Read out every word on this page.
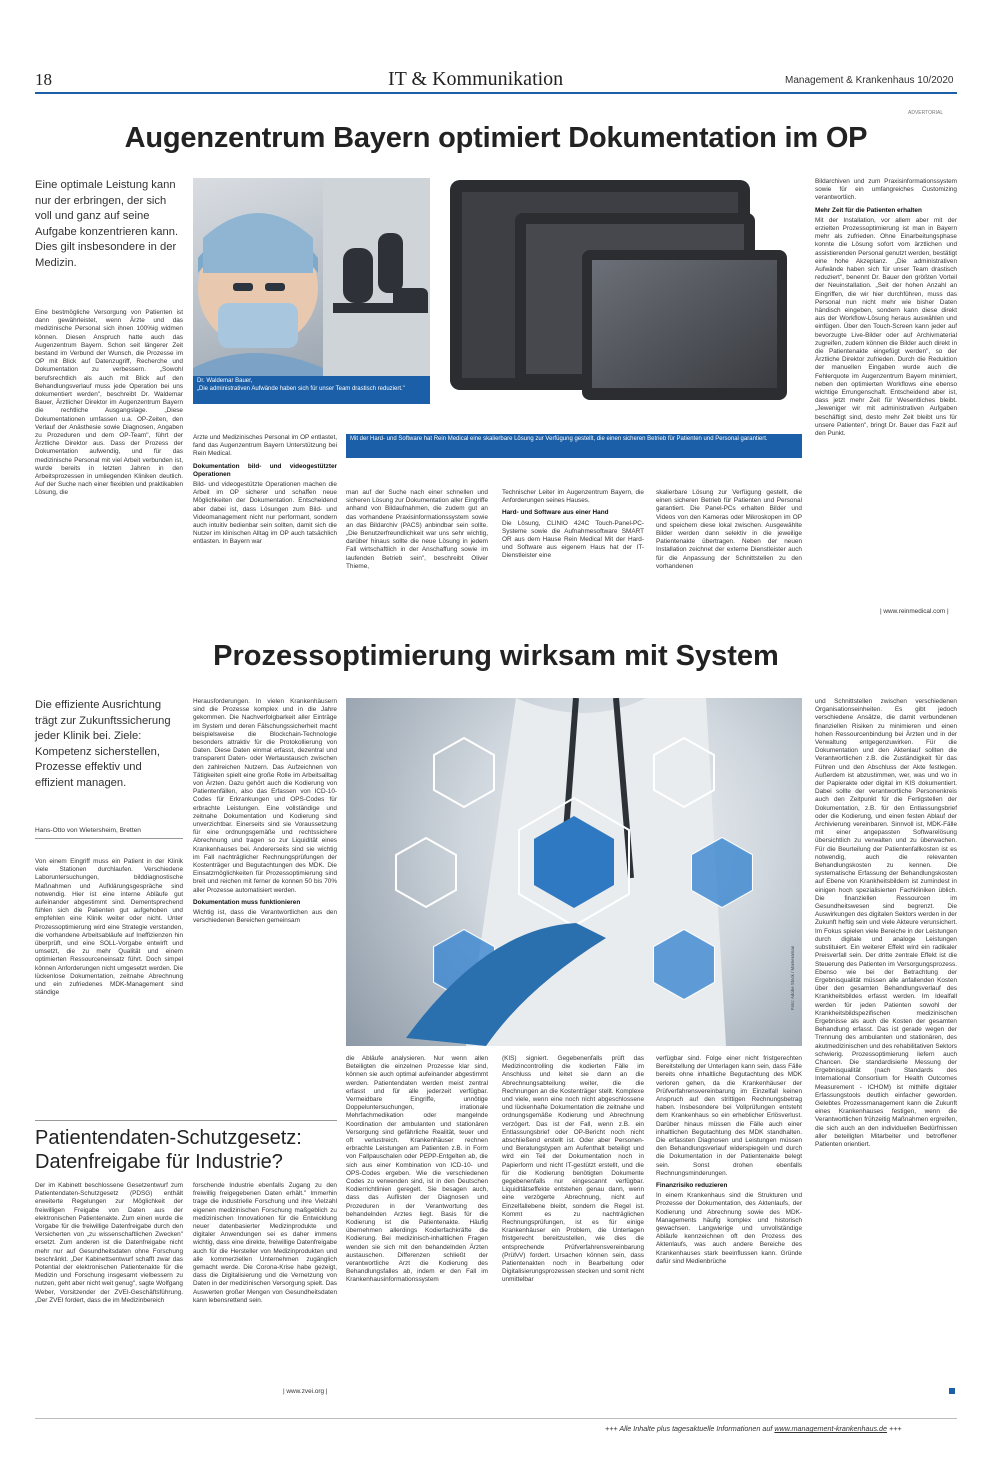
18	IT & Kommunikation	Management & Krankenhaus 10/2020
ADVERTORIAL
Augenzentrum Bayern optimiert Dokumentation im OP
Eine optimale Leistung kann nur der erbringen, der sich voll und ganz auf seine Aufgabe konzentrieren kann. Dies gilt insbesondere in der Medizin.
Dr. Waldemar Bauer,
„Die administrativen Aufwände haben sich für unser Team drastisch reduziert."
Mit der Hard- und Software hat Rein Medical eine skalierbare Lösung zur Verfügung gestellt, die einen sicheren Betrieb für Patienten und Personal garantiert.
Eine bestmögliche Versorgung von Patienten ist dann gewährleistet, wenn Ärzte und das medizinische Personal sich ihnen 100%ig widmen können. Diesen Anspruch hatte auch das Augenzentrum Bayern. Schon seit längerer Zeit bestand im Verbund der Wunsch, die Prozesse im OP mit Blick auf Datenzugriff, Recherche und Dokumentation zu verbessern. „Sowohl berufsrechtlich als auch mit Blick auf den Behandlungsverlauf muss jede Operation bei uns dokumentiert werden", beschreibt Dr. Waldemar Bauer, Ärztlicher Direktor im Augenzentrum Bayern die rechtliche Ausgangslage. „Diese Dokumentationen umfassen u.a. OP-Zeiten, den Verlauf der Anästhesie sowie Diagnosen, Angaben zu Prozeduren und dem OP-Team", führt der Ärztliche Direktor aus. Dass der Prozess der Dokumentation aufwendig, und für das medizinische Personal mit viel Arbeit verbunden ist, wurde bereits in letzten Jahren in den Arbeitsprozessen in umliegenden Kliniken deutlich. Auf der Suche nach einer flexiblen und praktikablen Lösung, die

Ärzte und Medizinisches Personal im OP entlastet, fand das Augenzentrum Bayern Unterstützung bei Rein Medical.

Dokumentation bild- und videogestützter Operationen

Bild- und videogestützte Operationen machen die Arbeit im OP sicherer und schaffen neue Möglichkeiten der Dokumentation. Entscheidend aber dabei ist, dass Lösungen zum Bild- und Videomanagement nicht nur performant, sondern auch intuitiv bedienbar sein sollten, damit sich die Nutzer im klinischen Alltag im OP auch tatsächlich entlasten. In Bayern war

man auf der Suche nach einer schnellen und sicheren Lösung zur Dokumentation aller Eingriffe anhand von Bildaufnahmen, die zudem gut an das vorhandene Praxisinformationssystem sowie an das Bildarchiv (PACS) anbindbar sein sollte. „Die Benutzerfreundlichkeit war uns sehr wichtig, darüber hinaus sollte die neue Lösung in jedem Fall wirtschaftlich in der Anschaffung sowie im laufenden Betrieb sein", beschreibt Oliver Thieme,

Technischer Leiter im Augenzentrum Bayern, die Anforderungen seines Hauses.

Hard- und Software aus einer Hand

Die Lösung, CLINIO 424C Touch-Panel-PC-Systeme sowie die Aufnahmesoftware SMART OR aus dem Hause Rein Medical Mit der Hard- und Software aus eigenem Haus hat der IT-Dienstleister eine

skalierbare Lösung zur Verfügung gestellt, die einen sicheren Betrieb für Patienten und Personal garantiert. Die Panel-PCs erhalten Bilder und Videos von den Kameras oder Mikroskopen im OP und speichern diese lokal zwischen. Ausgewählte Bilder werden dann selektiv in die jeweilige Patientenakte übertragen. Neben der neuen Installation zeichnet der externe Dienstleister auch für die Anpassung der Schnittstellen zu den vorhandenen

Bildarchiven und zum Praxisinformationssystem sowie für ein umfangreiches Customizing verantwortlich.

Mehr Zeit für die Patienten erhalten

Mit der Installation, vor allem aber mit der erzielten Prozessoptimierung ist man in Bayern mehr als zufrieden. Ohne Einarbeitungsphase konnte die Lösung sofort vom ärztlichen und assistierenden Personal genutzt werden, bestätigt eine hohe Akzeptanz. „Die administrativen Aufwände haben sich für unser Team drastisch reduziert", benennt Dr. Bauer den größten Vorteil der Neuinstallation. „Seit der hohen Anzahl an Eingriffen, die wir hier durchführen, muss das Personal nun nicht mehr wie bisher Daten händisch eingeben, sondern kann diese direkt aus der Workflow-Lösung heraus auswählen und einfügen. Über den Touch-Screen kann jeder auf bevorzugte Live-Bilder oder auf Archivmaterial zugreifen, zudem können die Bilder auch direkt in die Patientenakte eingefügt werden", so der Ärztliche Direktor zufrieden. Durch die Reduktion der manuellen Eingaben wurde auch die Fehlerquote im Augenzentrum Bayern minimiert, neben den optimierten Workflows eine ebenso wichtige Errungenschaft. Entscheidend aber ist, dass jetzt mehr Zeit für Wesentliches bleibt. „Jeweniger wir mit administrativen Aufgaben beschäftigt sind, desto mehr Zeit bleibt uns für unsere Patienten", bringt Dr. Bauer das Fazit auf den Punkt.

| www.reinmedical.com |
Prozessoptimierung wirksam mit System
Die effiziente Ausrichtung trägt zur Zukunftssicherung jeder Klinik bei. Ziele: Kompetenz sicherstellen, Prozesse effektiv und effizient managen.
Hans-Otto von Wietersheim, Bretten
Foto: Adobe Stock / Mameraman
Von einem Eingriff muss ein Patient in der Klinik viele Stationen durchlaufen. Verschiedene Laboruntersuchungen, bilddiagnostische Maßnahmen und Aufklärungsgespräche sind notwendig. Hier ist eine interne Abläufe gut aufeinander abgestimmt sind. Dementsprechend fühlen sich die Patienten gut aufgehoben und empfehlen eine Klinik weiter oder nicht. Unter Prozessoptimierung wird eine Strategie verstanden, die vorhandene Arbeitsabläufe auf Ineffizienzen hin überprüft, und eine SOLL-Vorgabe entwirft und umsetzt, die zu mehr Qualität und einem optimierten Ressourceneinsatz führt. Doch simpel können Anforderungen nicht umgesetzt werden. Die lückenlose Dokumentation, zeitnahe Abrechnung und ein zufriedenes MDK-Management sind ständige

Herausforderungen. In vielen Krankenhäusern sind die Prozesse komplex und in die Jahre gekommen. Die Nachverfolgbarkeit aller Einträge im System und deren Fälschungssicherheit macht beispielsweise die Blockchain-Technologie besonders attraktiv für die Protokollierung von Daten. Diese Daten einmal erfasst, dezentral und transparent Daten- oder Wertaustausch zwischen den zahlreichen Nutzern. Das Aufzeichnen von Tätigkeiten spielt eine große Rolle im Arbeitsalltag von Ärzten. Dazu gehört auch die Kodierung von Patientenfällen, also das Erfassen von ICD-10-Codes für Erkrankungen und OPS-Codes für erbrachte Leistungen. Eine vollständige und zeitnahe Dokumentation und Kodierung sind unverzichtbar. Einerseits sind sie Voraussetzung für eine ordnungsgemäße und rechtssichere Abrechnung und tragen so zur Liquidität eines Krankenhauses bei. Andererseits sind sie wichtig im Fall nachträglicher Rechnungsprüfungen der Kostenträger und Begutachtungen des MDK. Die Einsatzmöglichkeiten für Prozessoptimierung sind breit und reichen mit ferner de konnen 50 bis 70% aller Prozesse automatisiert werden.

Dokumentation muss funktionieren

Wichtig ist, dass die Verantwortlichen aus den verschiedenen Bereichen gemeinsam

die Abläufe analysieren. Nur wenn allen Beteiligten die einzelnen Prozesse klar sind, können sie auch optimal aufeinander abgestimmt werden. Patientendaten werden meist zentral erfasst und für alle jederzeit verfügbar. Vermeidbare Eingriffe, unnötige Doppeluntersuchungen, irrationale Mehrfachmedikation oder mangelnde Koordination der ambulanten und stationären Versorgung sind gefährliche Realität, teuer und oft verlustreich. Krankenhäuser rechnen erbrachte Leistungen am Patienten z.B. in Form von Fallpauschalen oder PEPP-Entgelten ab, die sich aus einer Kombination von ICD-10- und OPS-Codes ergeben. Wie die verschiedenen Codes zu verwenden sind, ist in den Deutschen Kodierrichtlinien geregelt. Sie besagen auch, dass das Auflisten der Diagnosen und Prozeduren in der Verantwortung des behandelnden Arztes liegt. Basis für die Kodierung ist die Patientenakte. Häufig übernehmen allerdings Kodierfachkräfte die Kodierung. Bei medizinisch-inhaltlichen Fragen wenden sie sich mit den behandelnden Ärzten austauschen. Differenzen schließt der verantwortliche Arzt die Kodierung des Behandlungsfalles ab, indem er den Fall im Krankenhausinformationssystem
(KIS) signiert. Gegebenenfalls prüft das Medizincontrolling die kodierten Fälle im Anschluss und leitet sie dann an die Abrechnungsabteilung weiter, die die Rechnungen an die Kostenträger stellt. Komplexe und viele, wenn eine noch nicht abgeschlossene und lückenhafte Dokumentation die zeitnahe und ordnungsgemäße Kodierung und Abrechnung verzögert. Das ist der Fall, wenn z.B. ein Entlassungsbrief oder OP-Bericht noch nicht abschließend erstellt ist. Oder aber Personen- und Beratungstypen am Aufenthalt beteiligt und wird ein Teil der Dokumentation noch in Papierform und nicht IT-gestützt erstellt, und die für die Kodierung benötigten Dokumente gegebenenfalls nur eingescannt verfügbar. Liquiditätseffekte entstehen genau dann, wenn eine verzögerte Abrechnung, nicht auf Einzelfallebene bleibt, sondern die Regel ist. Kommt es zu nachträglichen Rechnungsprüfungen, ist es für einige Krankenhäuser ein Problem, die Unterlagen fristgerecht bereitzustellen, wie dies die entsprechende Prüfverfahrensvereinbarung (PrüfvV) fordert. Ursachen können sein, dass Patientenakten noch in Bearbeitung oder Digitalisierungsprozessen stecken und somit nicht unmittelbar

verfügbar sind. Folge einer nicht fristgerechten Bereitstellung der Unterlagen kann sein, dass Fälle bereits ohne inhaltliche Begutachtung des MDK verloren gehen, da die Krankenhäuser der Prüfverfahrensvereinbarung im Einzelfall keinen Anspruch auf den strittigen Rechnungsbetrag haben. Insbesondere bei Vollprüfungen entsteht dem Krankenhaus so ein erheblicher Erlösverlust. Darüber hinaus müssen die Fälle auch einer inhaltlichen Begutachtung des MDK standhalten. Die erfassten Diagnosen und Leistungen müssen den Behandlungsverlauf widerspiegeln und durch die Dokumentation in der Patientenakte belegt sein. Sonst drohen ebenfalls Rechnungsminderungen.

Finanzrisiko reduzieren

In einem Krankenhaus sind die Strukturen und Prozesse der Dokumentation, des Aktenlaufs, der Kodierung und Abrechnung sowie des MDK-Managements häufig komplex und historisch gewachsen. Langwierige und unvollständige Abläufe kennzeichnen oft den Prozess des Aktenlaufs, was auch andere Bereiche des Krankenhauses stark beeinflussen kann. Gründe dafür sind Medienbrüche

und Schnittstellen zwischen verschiedenen Organisationseinheiten. Es gibt jedoch verschiedene Ansätze, die damit verbundenen finanziellen Risiken zu minimieren und einen hohen Ressourcenbindung bei Ärzten und in der Verwaltung entgegenzuwirken. Für die Dokumentation und den Aktenlauf sollten die Verantwortlichen z.B. die Zuständigkeit für das Führen und den Abschluss der Akte festlegen. Außerdem ist abzustimmen, wer, was und wo in der Papierakte oder digital im KIS dokumentiert. Dabei sollte der verantwortliche Personenkreis auch den Zeitpunkt für die Fertigstellen der Dokumentation, z.B. für den Entlassungsbrief oder die Kodierung, und einen festen Ablauf der Archivierung vereinbaren. Sinnvoll ist, MDK-Fälle mit einer angepassten Softwarelösung übersichtlich zu verwalten und zu überwachen. Für die Beurteilung der Patientenfallkosten ist es notwendig, auch die relevanten Behandlungskosten zu kennen. Die systematische Erfassung der Behandlungskosten auf Ebene von Krankheitsbildern ist zumindest in einigen hoch spezialisierten Fachkliniken üblich. Die finanziellen Ressourcen im Gesundheitswesen sind begrenzt. Die Auswirkungen des digitalen Sektors werden in der Zukunft heftig sein und viele Akteure verunsichert. Im Fokus spielen viele Bereiche in der Leistungen durch digitale und analoge Leistungen substituiert. Ein weiterer Effekt wird ein radikaler Preisverfall sein. Der dritte zentrale Effekt ist die Steuerung des Patienten im Versorgungsprozess. Ebenso wie bei der Betrachtung der Ergebnisqualität müssen alle anfallenden Kosten über den gesamten Behandlungsverlauf des Krankheitsbildes erfasst werden. Im Idealfall werden für jeden Patienten sowohl der Krankheitsbildspezifischen medizinischen Ergebnisse als auch die Kosten der gesamten Behandlung erfasst. Das ist gerade wegen der Trennung des ambulanten und stationären, des akutmedizinischen und des rehabilitativen Sektors schwierig. Prozessoptimierung liefern auch Chancen. Die standardisierte Messung der Ergebnisqualität (nach Standards des International Consortium for Health Outcomes Measurement - ICHOM) ist mithilfe digitaler Erfassungstools deutlich einfacher geworden. Gelebtes Prozessmanagement kann die Zukunft eines Krankenhauses festigen, wenn die Verantwortlichen frühzeitig Maßnahmen ergreifen, die sich auch an den individuellen Bedürfnissen aller beteiligten Mitarbeiter und betroffener Patienten orientiert.
Patientendaten-Schutzgesetz:
Datenfreigabe für Industrie?
Der im Kabinett beschlossene Gesetzentwurf zum Patientendaten-Schutzgesetz (PDSG) enthält erweiterte Regelungen zur Möglichkeit der freiwilligen Freigabe von Daten aus der elektronischen Patientenakte. Zum einen wurde die Vorgabe für die freiwillige Datenfreigabe durch den Versicherten von „zu wissenschaftlichen Zwecken" ersetzt. Zum anderen ist die Datenfreigabe nicht mehr nur auf Gesundheitsdaten ohne Forschung beschränkt. „Der Kabinettsentwurf schafft zwar das Potential der elektronischen Patientenakte für die Medizin und Forschung insgesamt vielbessern zu nutzen, geht aber nicht weit genug", sagte Wolfgang Weber, Vorsitzender der ZVEI-Geschäftsführung. „Der ZVEI fordert, dass die im Medizinbereich
forschende Industrie ebenfalls Zugang zu den freiwillig freigegebenen Daten erhält." Immerhin trage die industrielle Forschung und ihre Vielzahl eigenen medizinischen Forschung maßgeblich zu medizinischen Innovationen für die Entwicklung neuer datenbasierter Medizinprodukte und digitaler Anwendungen sei es daher immens wichtig, dass eine direkte, freiwillige Datenfreigabe auch für die Hersteller von Medizinprodukten und alle kommerziellen Unternehmen zugänglich gemacht werde. Die Corona-Krise habe gezeigt, dass die Digitalisierung und die Vernetzung von Daten in der medizinischen Versorgung spielt. Das Auswerten großer Mengen von Gesundheitsdaten kann lebensrettend sein.
| www.zvei.org |
+++ Alle Inhalte plus tagesaktuelle Informationen auf www.management-krankenhaus.de +++
